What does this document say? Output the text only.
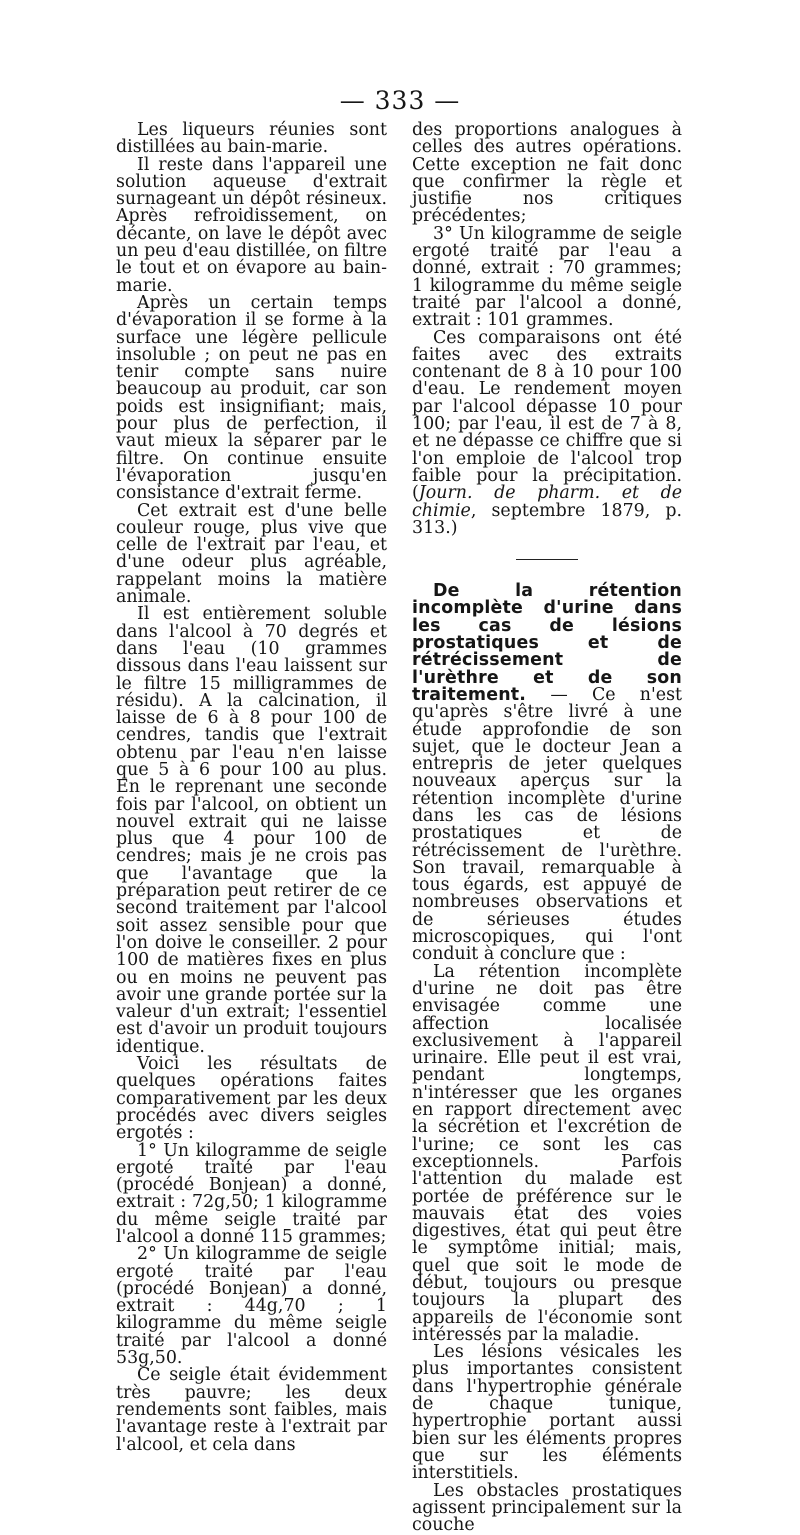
— 333 —

Les liqueurs réunies sont distillées au bain-marie.

Il reste dans l'appareil une solution aqueuse d'extrait surnageant un dépôt résineux. Après refroidissement, on décante, on lave le dépôt avec un peu d'eau distillée, on filtre le tout et on évapore au bain-marie.

Après un certain temps d'évaporation il se forme à la surface une légère pellicule insoluble ; on peut ne pas en tenir compte sans nuire beaucoup au produit, car son poids est insignifiant; mais, pour plus de perfection, il vaut mieux la séparer par le filtre. On continue ensuite l'évaporation jusqu'en consistance d'extrait ferme.

Cet extrait est d'une belle couleur rouge, plus vive que celle de l'extrait par l'eau, et d'une odeur plus agréable, rappelant moins la matière animale.

Il est entièrement soluble dans l'alcool à 70 degrés et dans l'eau (10 grammes dissous dans l'eau laissent sur le filtre 15 milligrammes de résidu). A la calcination, il laisse de 6 à 8 pour 100 de cendres, tandis que l'extrait obtenu par l'eau n'en laisse que 5 à 6 pour 100 au plus. En le reprenant une seconde fois par l'alcool, on obtient un nouvel extrait qui ne laisse plus que 4 pour 100 de cendres; mais je ne crois pas que l'avantage que la préparation peut retirer de ce second traitement par l'alcool soit assez sensible pour que l'on doive le conseiller. 2 pour 100 de matières fixes en plus ou en moins ne peuvent pas avoir une grande portée sur la valeur d'un extrait; l'essentiel est d'avoir un produit toujours identique.

Voici les résultats de quelques opérations faites comparativement par les deux procédés avec divers seigles ergotés :

1° Un kilogramme de seigle ergoté traité par l'eau (procédé Bonjean) a donné, extrait : 72g,50; 1 kilogramme du même seigle traité par l'alcool a donné 115 grammes;

2° Un kilogramme de seigle ergoté traité par l'eau (procédé Bonjean) a donné, extrait : 44g,70 ; 1 kilogramme du même seigle traité par l'alcool a donné 53g,50.

Ce seigle était évidemment très pauvre; les deux rendements sont faibles, mais l'avantage reste à l'extrait par l'alcool, et cela dans

des proportions analogues à celles des autres opérations. Cette exception ne fait donc que confirmer la règle et justifie nos critiques précédentes;

3° Un kilogramme de seigle ergoté traité par l'eau a donné, extrait : 70 grammes; 1 kilogramme du même seigle traité par l'alcool a donné, extrait : 101 grammes.

Ces comparaisons ont été faites avec des extraits contenant de 8 à 10 pour 100 d'eau. Le rendement moyen par l'alcool dépasse 10 pour 100; par l'eau, il est de 7 à 8, et ne dépasse ce chiffre que si l'on emploie de l'alcool trop faible pour la précipitation. (Journ. de pharm. et de chimie, septembre 1879, p. 313.)

De la rétention incomplète d'urine dans les cas de lésions prostatiques et de rétrécissement de l'urèthre et de son traitement. — Ce n'est qu'après s'être livré à une étude approfondie de son sujet, que le docteur Jean a entrepris de jeter quelques nouveaux aperçus sur la rétention incomplète d'urine dans les cas de lésions prostatiques et de rétrécissement de l'urèthre. Son travail, remarquable à tous égards, est appuyé de nombreuses observations et de sérieuses études microscopiques, qui l'ont conduit à conclure que :

La rétention incomplète d'urine ne doit pas être envisagée comme une affection localisée exclusivement à l'appareil urinaire. Elle peut il est vrai, pendant longtemps, n'intéresser que les organes en rapport directement avec la sécrétion et l'excrétion de l'urine; ce sont les cas exceptionnels. Parfois l'attention du malade est portée de préférence sur le mauvais état des voies digestives, état qui peut être le symptôme initial; mais, quel que soit le mode de début, toujours ou presque toujours la plupart des appareils de l'économie sont intéressés par la maladie.

Les lésions vésicales les plus importantes consistent dans l'hypertrophie générale de chaque tunique, hypertrophie portant aussi bien sur les éléments propres que sur les éléments interstitiels.

Les obstacles prostatiques agissent principalement sur la couche
